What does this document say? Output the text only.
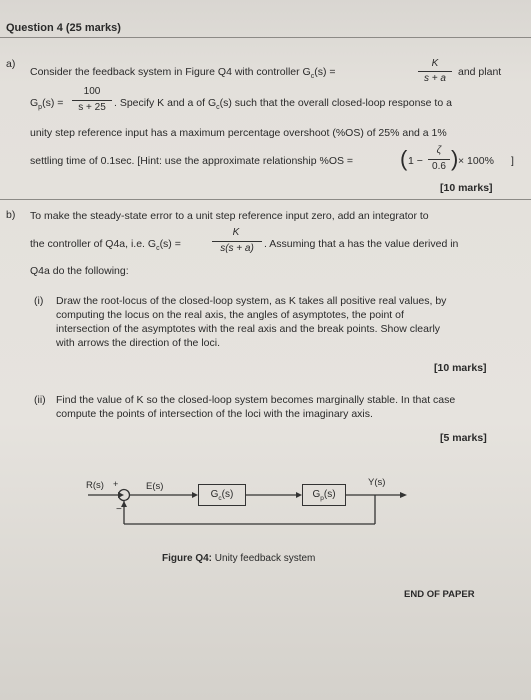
Question 4 (25 marks)
a)
Consider the feedback system in Figure Q4 with controller $G_c(s)$ =
K
s + a
and plant
$G_p(s)$ =
100
s + 25 . Specify K and a of $G_c(s)$ such that the overall closed-loop response to a
unity step reference input has a maximum percentage overshoot (%OS) of 25% and a 1%
settling time of 0.1sec. [Hint: use the approximate relationship %OS = ( 1 −
ζ
0.6 ) × 100% ]
[10 marks]
b) To make the steady-state error to a unit step reference input zero, add an integrator to
the controller of Q4a, i.e. $G_c(s)$ =
K
s(s + a) . Assuming that a has the value derived in
Q4a do the following:
(i) Draw the root-locus of the closed-loop system, as K takes all positive real values, by
computing the locus on the real axis, the angles of asymptotes, the point of
intersection of the asymptotes with the real axis and the break points. Show clearly
with arrows the direction of the loci.
[10 marks]
(ii) Find the value of K so the closed-loop system becomes marginally stable. In that case
compute the points of intersection of the loci with the imaginary axis.
[5 marks]
R(s) +
−
E(s)
$G_c(s)$	$G_p(s)$
Y(s)
Figure Q4: Unity feedback system
END OF PAPER
